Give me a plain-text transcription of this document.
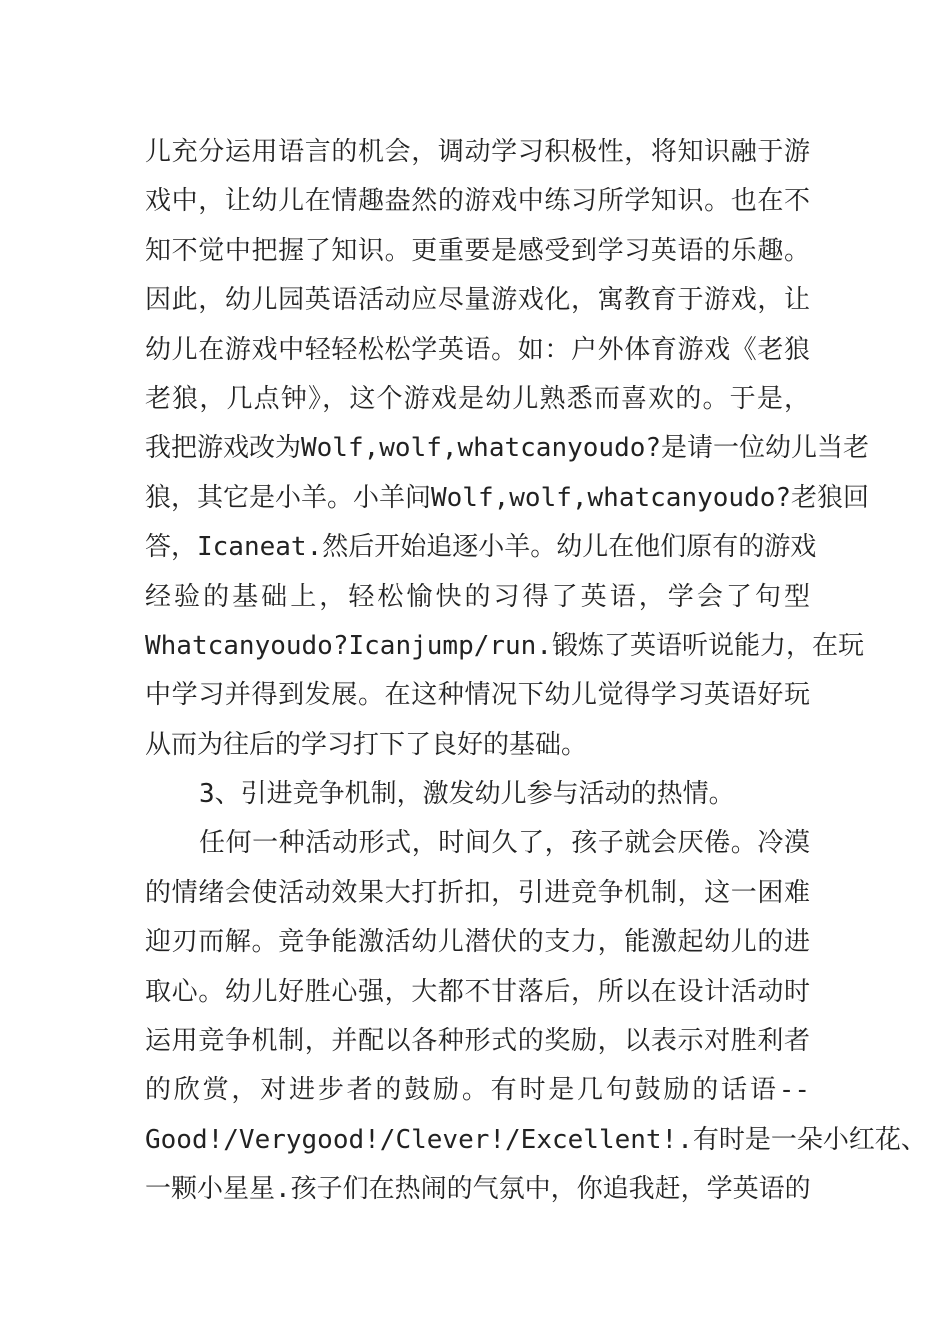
儿充分运用语言的机会，调动学习积极性，将知识融于游
戏中，让幼儿在情趣盎然的游戏中练习所学知识。也在不
知不觉中把握了知识。更重要是感受到学习英语的乐趣。
因此，幼儿园英语活动应尽量游戏化，寓教育于游戏，让
幼儿在游戏中轻轻松松学英语。如：户外体育游戏《老狼
老狼，几点钟》，这个游戏是幼儿熟悉而喜欢的。于是，
我把游戏改为Wolf,wolf,whatcanyoudo?是请一位幼儿当老
狼，其它是小羊。小羊问Wolf,wolf,whatcanyoudo?老狼回
答，Icaneat.然后开始追逐小羊。幼儿在他们原有的游戏
经验的基础上，轻松愉快的习得了英语，学会了句型
Whatcanyoudo?Icanjump/run.锻炼了英语听说能力，在玩
中学习并得到发展。在这种情况下幼儿觉得学习英语好玩
从而为往后的学习打下了良好的基础。
3、引进竞争机制，激发幼儿参与活动的热情。
任何一种活动形式，时间久了，孩子就会厌倦。冷漠
的情绪会使活动效果大打折扣，引进竞争机制，这一困难
迎刃而解。竞争能激活幼儿潜伏的支力，能激起幼儿的进
取心。幼儿好胜心强，大都不甘落后，所以在设计活动时
运用竞争机制，并配以各种形式的奖励，以表示对胜利者
的欣赏，对进步者的鼓励。有时是几句鼓励的话语--
Good!/Verygood!/Clever!/Excellent!.有时是一朵小红花、
一颗小星星.孩子们在热闹的气氛中，你追我赶，学英语的
